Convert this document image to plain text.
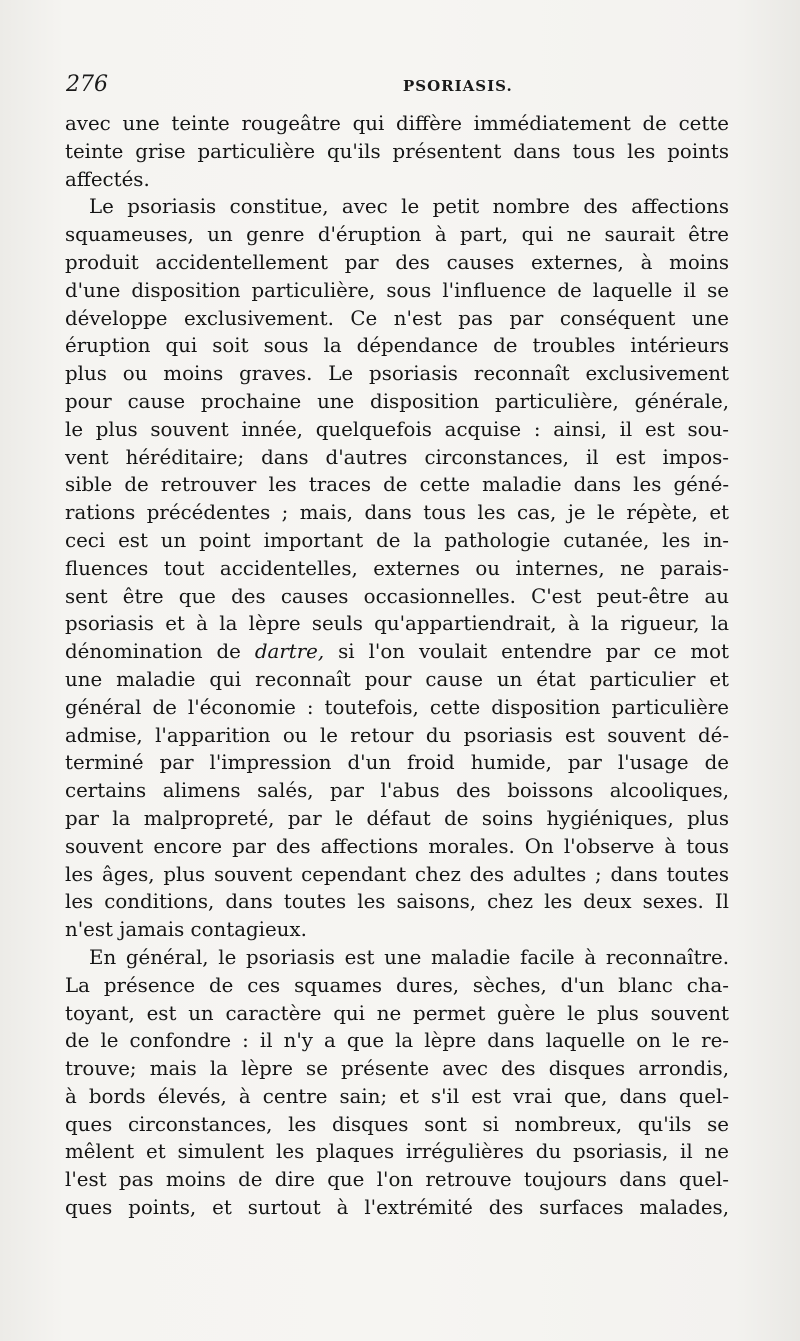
276	PSORIASIS.
avec une teinte rougeâtre qui diffère immédiatement de cette
teinte grise particulière qu'ils présentent dans tous les points
affectés.
Le psoriasis constitue, avec le petit nombre des affections
squameuses, un genre d'éruption à part, qui ne saurait être
produit accidentellement par des causes externes, à moins
d'une disposition particulière, sous l'influence de laquelle il se
développe exclusivement. Ce n'est pas par conséquent une
éruption qui soit sous la dépendance de troubles intérieurs
plus ou moins graves. Le psoriasis reconnaît exclusivement
pour cause prochaine une disposition particulière, générale,
le plus souvent innée, quelquefois acquise : ainsi, il est sou-
vent héréditaire; dans d'autres circonstances, il est impos-
sible de retrouver les traces de cette maladie dans les géné-
rations précédentes ; mais, dans tous les cas, je le répète, et
ceci est un point important de la pathologie cutanée, les in-
fluences tout accidentelles, externes ou internes, ne parais-
sent être que des causes occasionnelles. C'est peut-être au
psoriasis et à la lèpre seuls qu'appartiendrait, à la rigueur, la
dénomination de dartre, si l'on voulait entendre par ce mot
une maladie qui reconnaît pour cause un état particulier et
général de l'économie : toutefois, cette disposition particulière
admise, l'apparition ou le retour du psoriasis est souvent dé-
terminé par l'impression d'un froid humide, par l'usage de
certains alimens salés, par l'abus des boissons alcooliques,
par la malpropreté, par le défaut de soins hygiéniques, plus
souvent encore par des affections morales. On l'observe à tous
les âges, plus souvent cependant chez des adultes ; dans toutes
les conditions, dans toutes les saisons, chez les deux sexes. Il
n'est jamais contagieux.
En général, le psoriasis est une maladie facile à reconnaître.
La présence de ces squames dures, sèches, d'un blanc cha-
toyant, est un caractère qui ne permet guère le plus souvent
de le confondre : il n'y a que la lèpre dans laquelle on le re-
trouve; mais la lèpre se présente avec des disques arrondis,
à bords élevés, à centre sain; et s'il est vrai que, dans quel-
ques circonstances, les disques sont si nombreux, qu'ils se
mêlent et simulent les plaques irrégulières du psoriasis, il ne
l'est pas moins de dire que l'on retrouve toujours dans quel-
ques points, et surtout à l'extrémité des surfaces malades,
